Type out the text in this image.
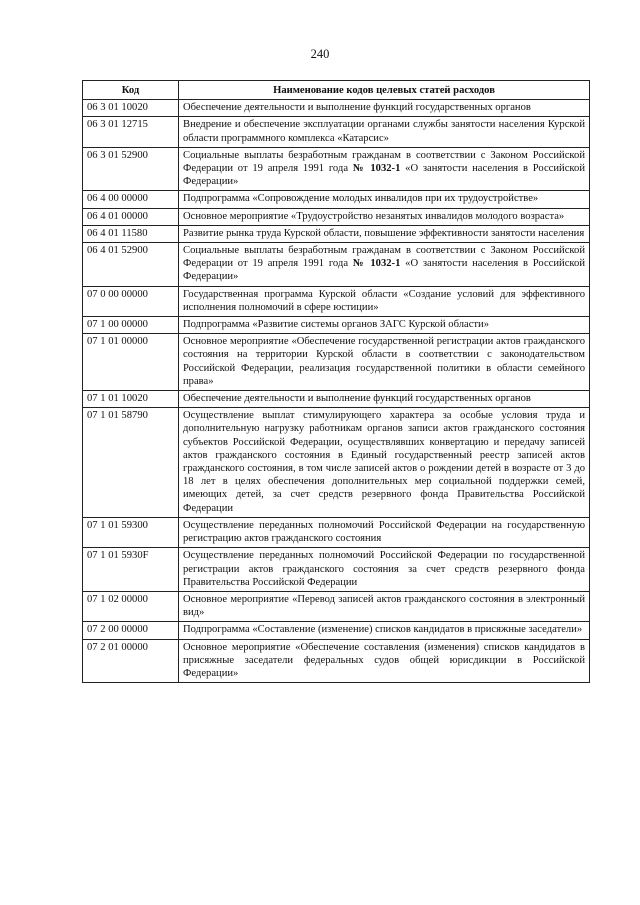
240
Код	Наименование кодов целевых статей расходов
06 3 01 10020	Обеспечение деятельности и выполнение функций государственных органов
06 3 01 12715	Внедрение и обеспечение эксплуатации органами службы занятости населения Курской области программного комплекса «Катарсис»
06 3 01 52900	Социальные выплаты безработным гражданам в соответствии с Законом Российской Федерации от 19 апреля 1991 года № 1032-1 «О занятости населения в Российской Федерации»
06 4 00 00000	Подпрограмма «Сопровождение молодых инвалидов при их трудоустройстве»
06 4 01 00000	Основное мероприятие «Трудоустройство незанятых инвалидов молодого возраста»
06 4 01 11580	Развитие рынка труда Курской области, повышение эффективности занятости населения
06 4 01 52900	Социальные выплаты безработным гражданам в соответствии с Законом Российской Федерации от 19 апреля 1991 года № 1032-1 «О занятости населения в Российской Федерации»
07 0 00 00000	Государственная программа Курской области «Создание условий для эффективного исполнения полномочий в сфере юстиции»
07 1 00 00000	Подпрограмма «Развитие системы органов ЗАГС Курской области»
07 1 01 00000	Основное мероприятие «Обеспечение государственной регистрации актов гражданского состояния на территории Курской области в соответствии с законодательством Российской Федерации, реализация государственной политики в области семейного права»
07 1 01 10020	Обеспечение деятельности и выполнение функций государственных органов
07 1 01 58790	Осуществление выплат стимулирующего характера за особые условия труда и дополнительную нагрузку работникам органов записи актов гражданского состояния субъектов Российской Федерации, осуществлявших конвертацию и передачу записей актов гражданского состояния в Единый государственный реестр записей актов гражданского состояния, в том числе записей актов о рождении детей в возрасте от 3 до 18 лет в целях обеспечения дополнительных мер социальной поддержки семей, имеющих детей, за счет средств резервного фонда Правительства Российской Федерации
07 1 01 59300	Осуществление переданных полномочий Российской Федерации на государственную регистрацию актов гражданского состояния
07 1 01 5930F	Осуществление переданных полномочий Российской Федерации по государственной регистрации актов гражданского состояния за счет средств резервного фонда Правительства Российской Федерации
07 1 02 00000	Основное мероприятие «Перевод записей актов гражданского состояния в электронный вид»
07 2 00 00000	Подпрограмма «Составление (изменение) списков кандидатов в присяжные заседатели»
07 2 01 00000	Основное мероприятие «Обеспечение составления (изменения) списков кандидатов в присяжные заседатели федеральных судов общей юрисдикции в Российской Федерации»
